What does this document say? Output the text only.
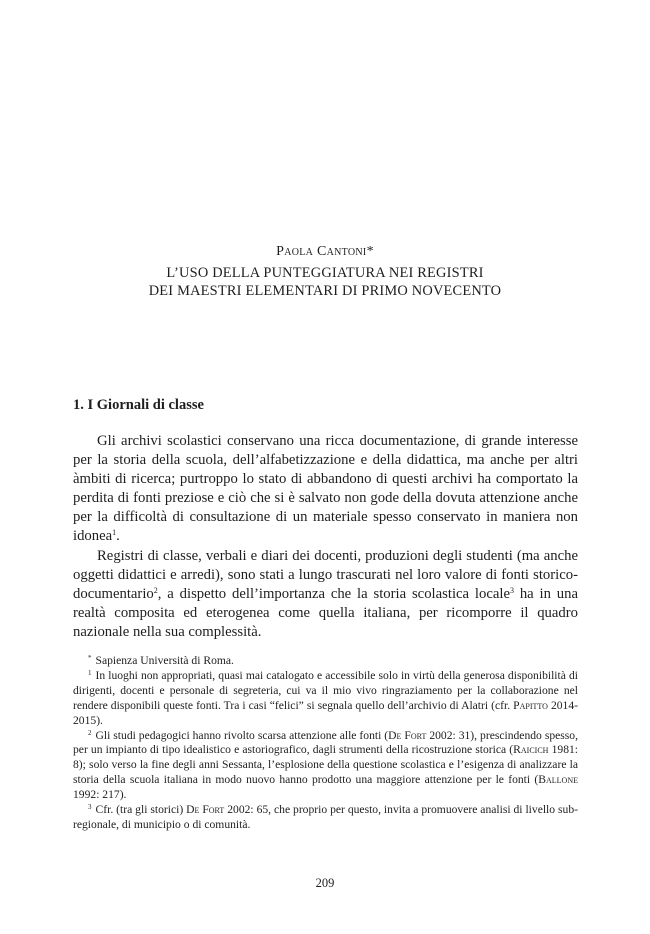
Paola Cantoni*
L’USO DELLA PUNTEGGIATURA NEI REGISTRI
DEI MAESTRI ELEMENTARI DI PRIMO NOVECENTO
1. I Giornali di classe

Gli archivi scolastici conservano una ricca documentazione, di grande interesse per la storia della scuola, dell’alfabetizzazione e della didattica, ma anche per altri àmbiti di ricerca; purtroppo lo stato di abbandono di questi archivi ha comportato la perdita di fonti preziose e ciò che si è salvato non gode della dovuta attenzione anche per la difficoltà di consultazione di un materiale spesso conservato in maniera non idonea$^1$.

Registri di classe, verbali e diari dei docenti, produzioni degli studenti (ma anche oggetti didattici e arredi), sono stati a lungo trascurati nel loro valore di fonti storico-documentario$^2$, a dispetto dell’importanza che la storia scolastica locale$^3$ ha in una realtà composita ed eterogenea come quella italiana, per ricomporre il quadro nazionale nella sua complessità.

* Sapienza Università di Roma.

$^1$ In luoghi non appropriati, quasi mai catalogato e accessibile solo in virtù della generosa disponibilità di dirigenti, docenti e personale di segreteria, cui va il mio vivo ringraziamento per la collaborazione nel rendere disponibili queste fonti. Tra i casi “felici” si segnala quello dell’archivio di Alatri (cfr. Papitto 2014-2015).

$^2$ Gli studi pedagogici hanno rivolto scarsa attenzione alle fonti (De Fort 2002: 31), prescindendo spesso, per un impianto di tipo idealistico e astoriografico, dagli strumenti della ricostruzione storica (Raicich 1981: 8); solo verso la fine degli anni Sessanta, l’esplosione della questione scolastica e l’esigenza di analizzare la storia della scuola italiana in modo nuovo hanno prodotto una maggiore attenzione per le fonti (Ballone 1992: 217).

$^3$ Cfr. (tra gli storici) De Fort 2002: 65, che proprio per questo, invita a promuovere analisi di livello sub-regionale, di municipio o di comunità.

209
